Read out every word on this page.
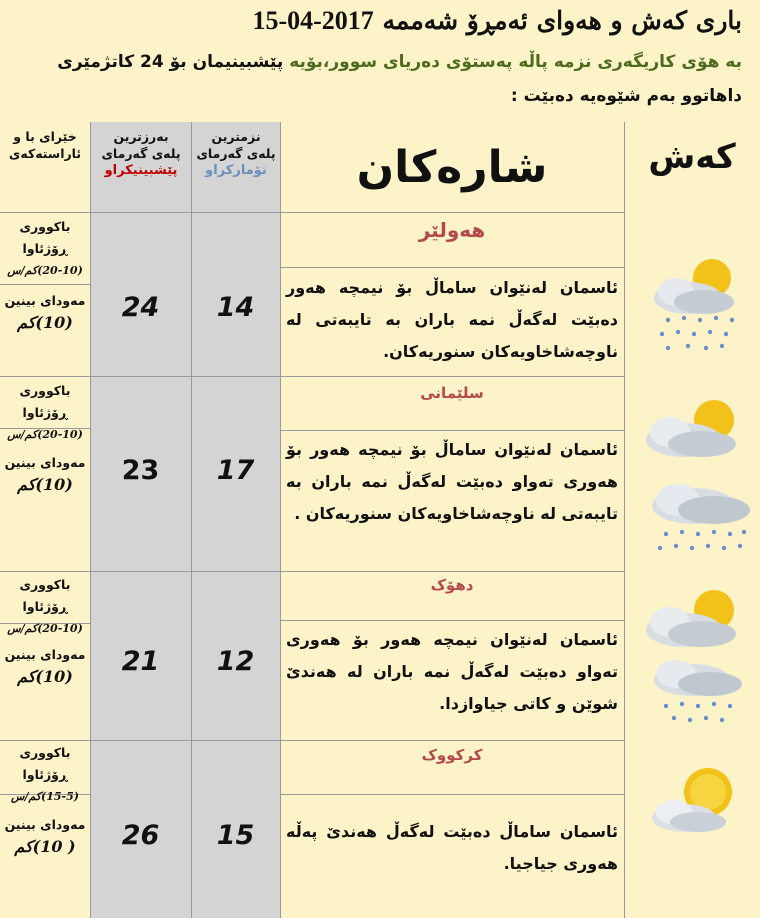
باری کەش و هەوای ئەمڕۆ شەممە 2017-04-15
بە هۆی کاریگەری نزمە پاڵە پەستۆی دەریای سوور،بۆیە پێشبینیمان بۆ 24 کاتژمێری
داهاتوو بەم شێوەیە دەبێت :
خێرای با و ئاراستەکەی
بەرزترین پلەی گەرمای
پێشبینیکراو
نزمترین پلەی گەرمای
تۆمارکراو	شارەکان	کەش
هەولێر
ئاسمان لەنێوان ساماڵ بۆ نیمچە هەور دەبێت لەگەڵ نمە باران بە تایبەتی لە ناوچەشاخاویەکان سنوریەکان.
14
24
باکووری ڕۆژئاوا
(20-10)کم/س
مەودای بینین
(10)کم
سلێمانی
ئاسمان لەنێوان ساماڵ بۆ نیمچە هەور بۆ هەوری تەواو دەبێت لەگەڵ نمە باران بە تایبەتی لە ناوچەشاخاویەکان سنوریەکان .
17
23
باکووری ڕۆژئاوا
(20-10)کم/س
مەودای بینین
(10)کم
دهۆک
ئاسمان لەنێوان نیمچە هەور بۆ هەوری تەواو دەبێت لەگەڵ نمە باران لە هەندێ شوێن و کاتی جیاوازدا.
12
21
باکووری ڕۆژئاوا
(20-10)کم/س
مەودای بینین
(10)کم
کرکووک
ئاسمان ساماڵ دەبێت لەگەڵ هەندێ پەڵە هەوری جیاجیا.
15
26
باکووری ڕۆژئاوا
(15-5)کم/س
مەودای بینین
( 10)کم
